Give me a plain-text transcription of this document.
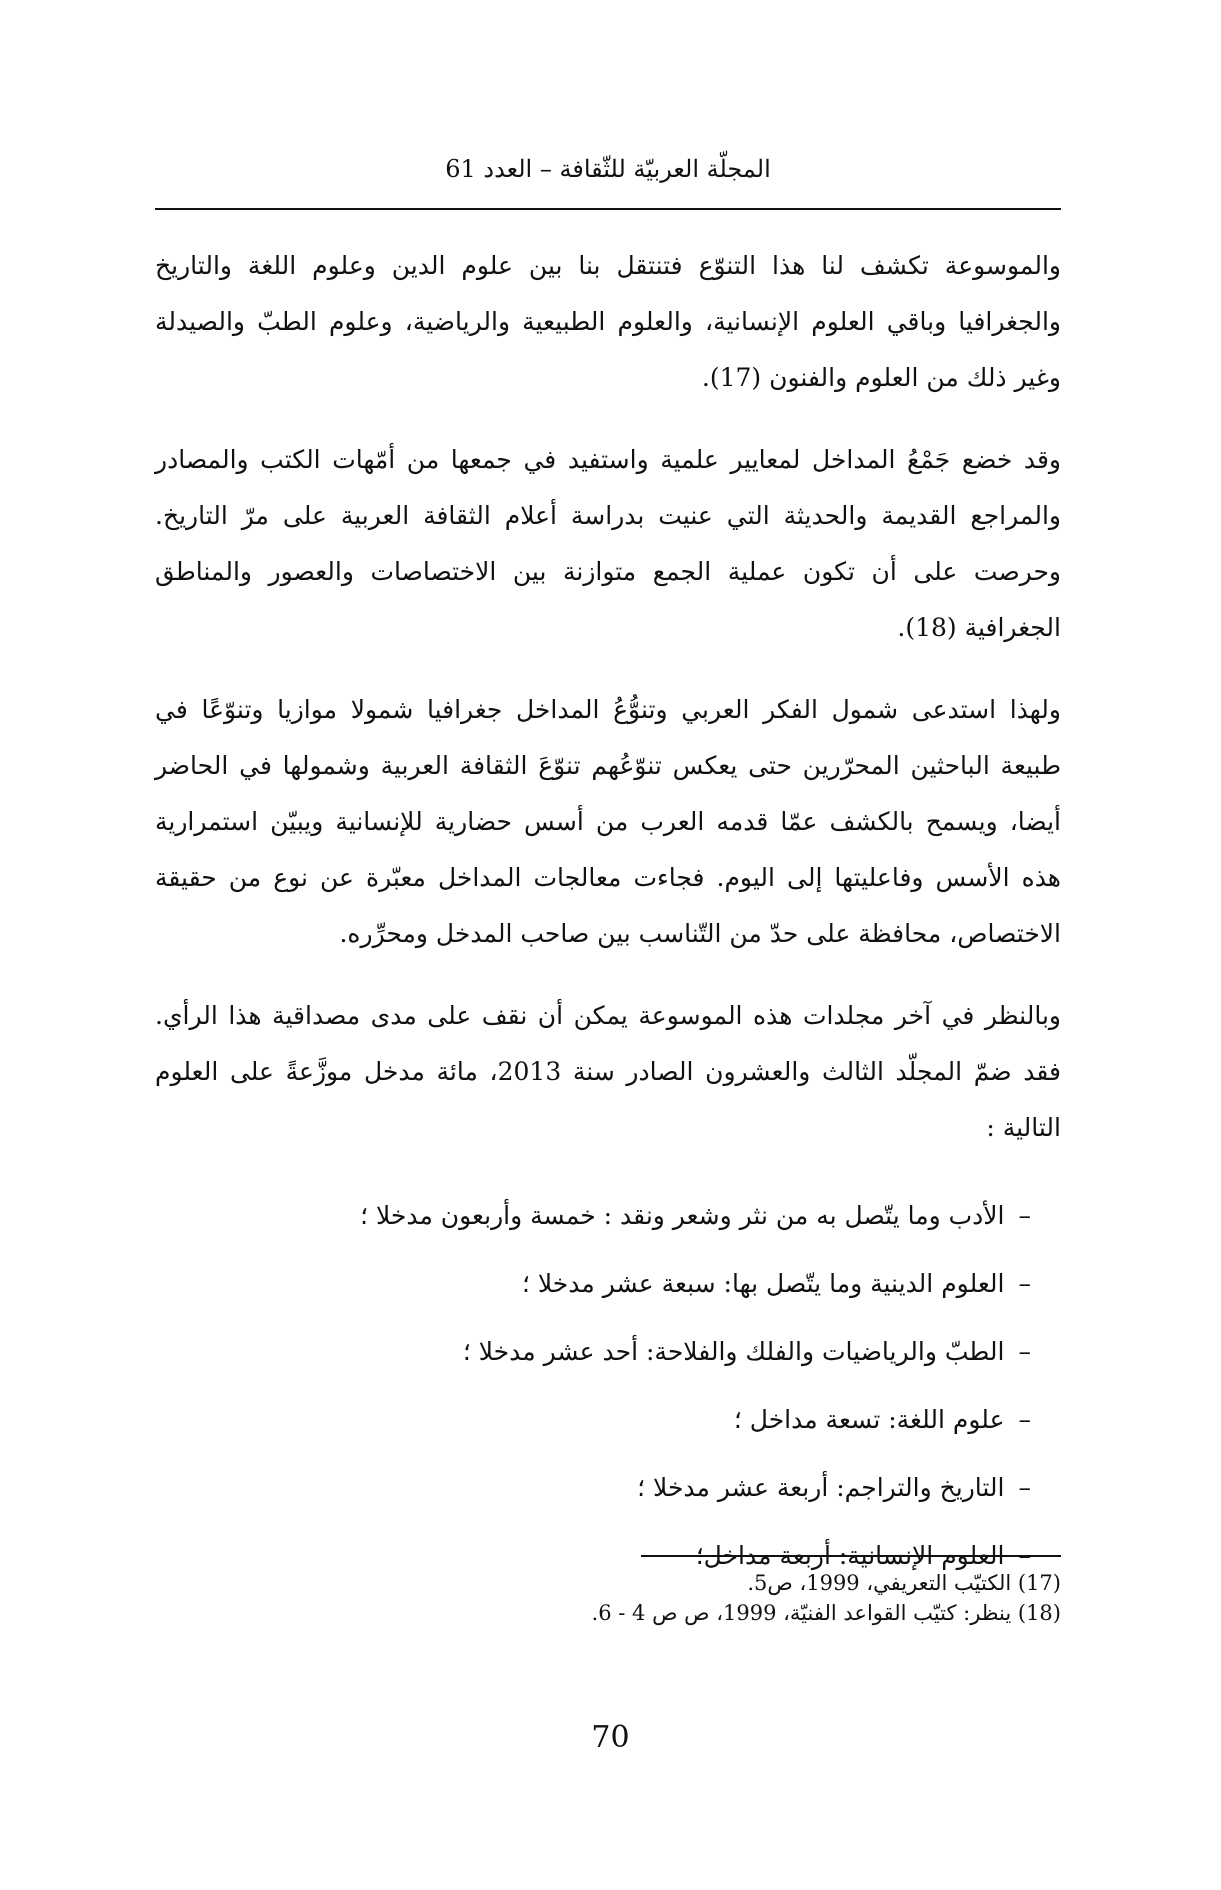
المجلّة العربيّة للثّقافة – العدد 61

والموسوعة تكشف لنا هذا التنوّع فتنتقل بنا بين علوم الدين وعلوم اللغة والتاريخ والجغرافيا وباقي العلوم الإنسانية، والعلوم الطبيعية والرياضية، وعلوم الطبّ والصيدلة وغير ذلك من العلوم والفنون (17).

وقد خضع جَمْعُ المداخل لمعايير علمية واستفيد في جمعها من أمّهات الكتب والمصادر والمراجع القديمة والحديثة التي عنيت بدراسة أعلام الثقافة العربية على مرّ التاريخ. وحرصت على أن تكون عملية الجمع متوازنة بين الاختصاصات والعصور والمناطق الجغرافية (18).

ولهذا استدعى شمول الفكر العربي وتنوُّعُ المداخل جغرافيا شمولا موازيا وتنوّعًا في طبيعة الباحثين المحرّرين حتى يعكس تنوّعُهم تنوّعَ الثقافة العربية وشمولها في الحاضر أيضا، ويسمح بالكشف عمّا قدمه العرب من أسس حضارية للإنسانية ويبيّن استمرارية هذه الأسس وفاعليتها إلى اليوم. فجاءت معالجات المداخل معبّرة عن نوع من حقيقة الاختصاص، محافظة على حدّ من التّناسب بين صاحب المدخل ومحرِّره.

وبالنظر في آخر مجلدات هذه الموسوعة يمكن أن نقف على مدى مصداقية هذا الرأي. فقد ضمّ المجلّد الثالث والعشرون الصادر سنة 2013، مائة مدخل موزَّعةً على العلوم التالية :

–الأدب وما يتّصل به من نثر وشعر ونقد : خمسة وأربعون مدخلا ؛
–العلوم الدينية وما يتّصل بها: سبعة عشر مدخلا ؛
–الطبّ والرياضيات والفلك والفلاحة: أحد عشر مدخلا ؛
–علوم اللغة: تسعة مداخل ؛
–التاريخ والتراجم: أربعة عشر مدخلا ؛
–العلوم الإنسانية: أربعة مداخل؛

(17) الكتيّب التعريفي، 1999، ص5.

(18) ينظر: كتيّب القواعد الفنيّة، 1999، ص ص 4 - 6.

70
